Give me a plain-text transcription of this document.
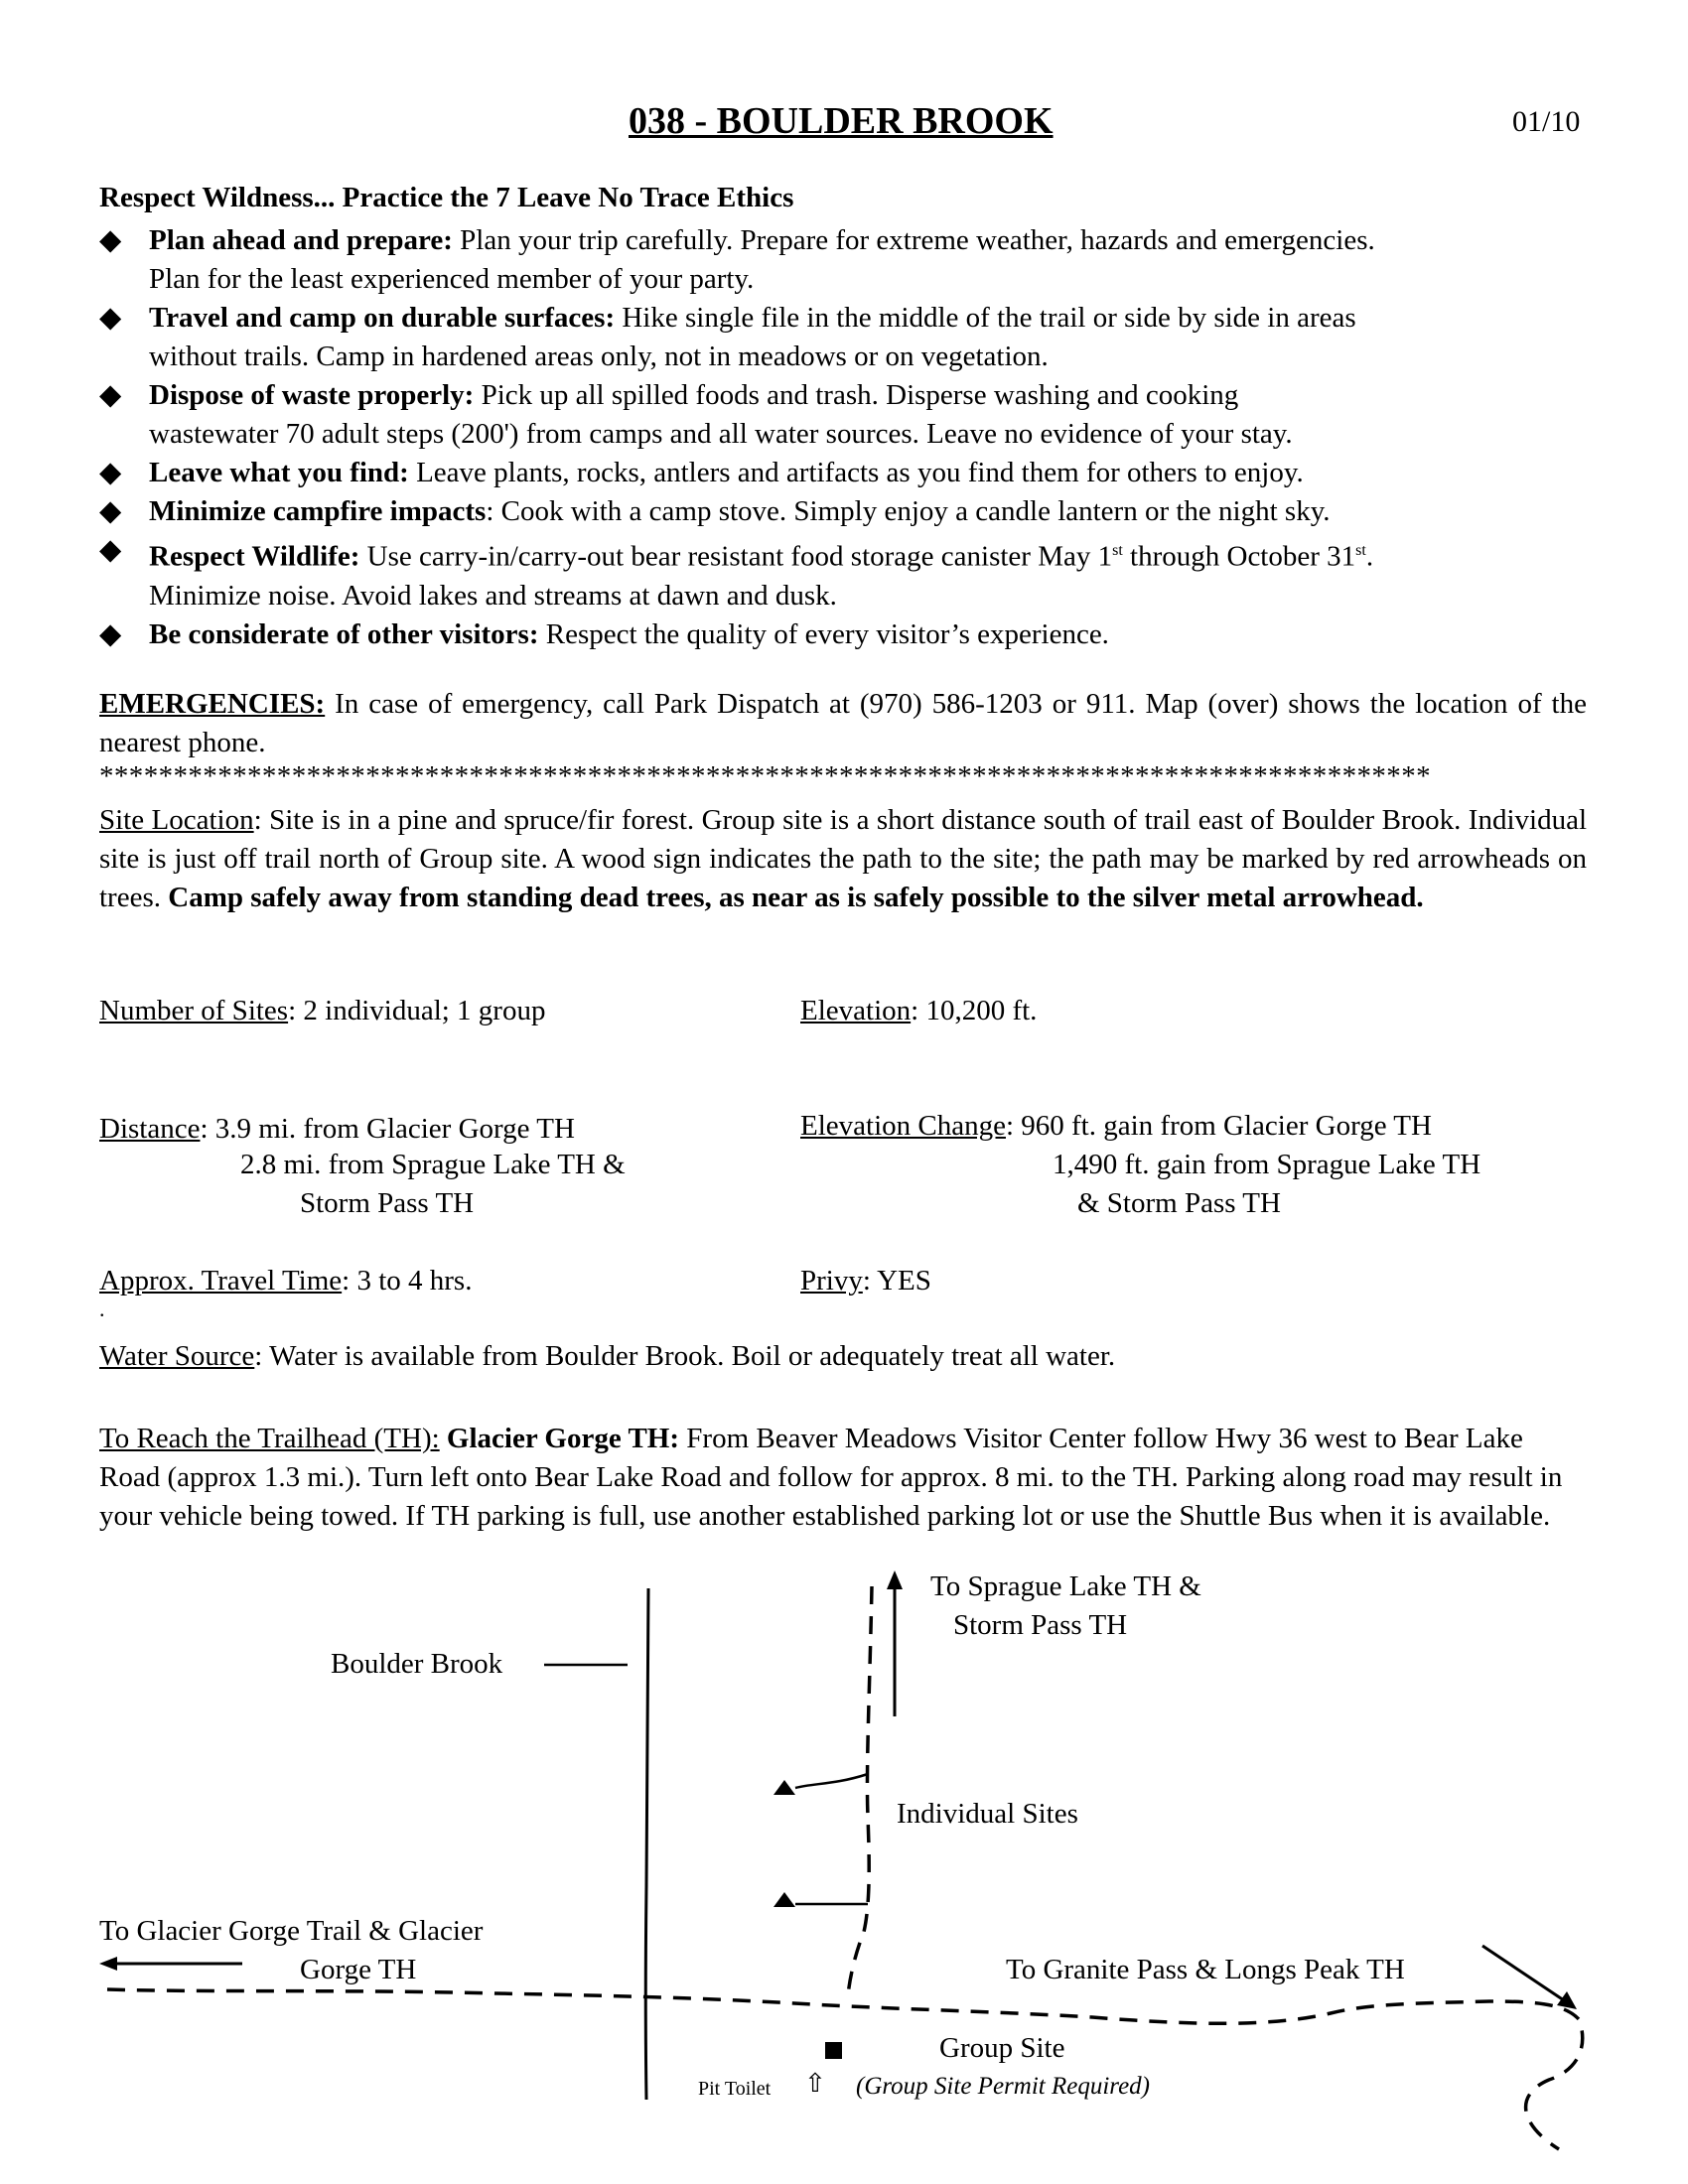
038 - BOULDER BROOK	01/10
Respect Wildness... Practice the 7 Leave No Trace Ethics
◆ Plan ahead and prepare: Plan your trip carefully. Prepare for extreme weather, hazards and emergencies.
Plan for the least experienced member of your party.
◆ Travel and camp on durable surfaces: Hike single file in the middle of the trail or side by side in areas
without trails. Camp in hardened areas only, not in meadows or on vegetation.
◆ Dispose of waste properly: Pick up all spilled foods and trash. Disperse washing and cooking
wastewater 70 adult steps (200') from camps and all water sources. Leave no evidence of your stay.
◆ Leave what you find: Leave plants, rocks, antlers and artifacts as you find them for others to enjoy.
◆ Minimize campfire impacts: Cook with a camp stove. Simply enjoy a candle lantern or the night sky.
◆ Respect Wildlife: Use carry-in/carry-out bear resistant food storage canister May 1st through October 31st.
Minimize noise. Avoid lakes and streams at dawn and dusk.
◆ Be considerate of other visitors: Respect the quality of every visitor’s experience.
EMERGENCIES: In case of emergency, call Park Dispatch at (970) 586-1203 or 911. Map (over) shows the location of the nearest phone.
******************************************************************************************
Site Location: Site is in a pine and spruce/fir forest. Group site is a short distance south of trail east of Boulder Brook. Individual site is just off trail north of Group site. A wood sign indicates the path to the site; the path may be marked by red arrowheads on trees. Camp safely away from standing dead trees, as near as is safely possible to the silver metal arrowhead.
Number of Sites: 2 individual; 1 group	Elevation: 10,200 ft.
Distance: 3.9 mi. from Glacier Gorge TH
2.8 mi. from Sprague Lake TH &
Storm Pass TH
Elevation Change: 960 ft. gain from Glacier Gorge TH
1,490 ft. gain from Sprague Lake TH
& Storm Pass TH
Approx. Travel Time: 3 to 4 hrs.	Privy: YES
.
Water Source: Water is available from Boulder Brook. Boil or adequately treat all water.
To Reach the Trailhead (TH): Glacier Gorge TH: From Beaver Meadows Visitor Center follow Hwy 36 west to Bear Lake Road (approx 1.3 mi.). Turn left onto Bear Lake Road and follow for approx. 8 mi. to the TH. Parking along road may result in your vehicle being towed. If TH parking is full, use another established parking lot or use the Shuttle Bus when it is available.
To Sprague Lake TH &
Storm Pass TH
Boulder Brook
Individual Sites
To Glacier Gorge Trail & Glacier
Gorge TH	To Granite Pass & Longs Peak TH
Group Site
Pit Toilet ⇧ (Group Site Permit Required)
